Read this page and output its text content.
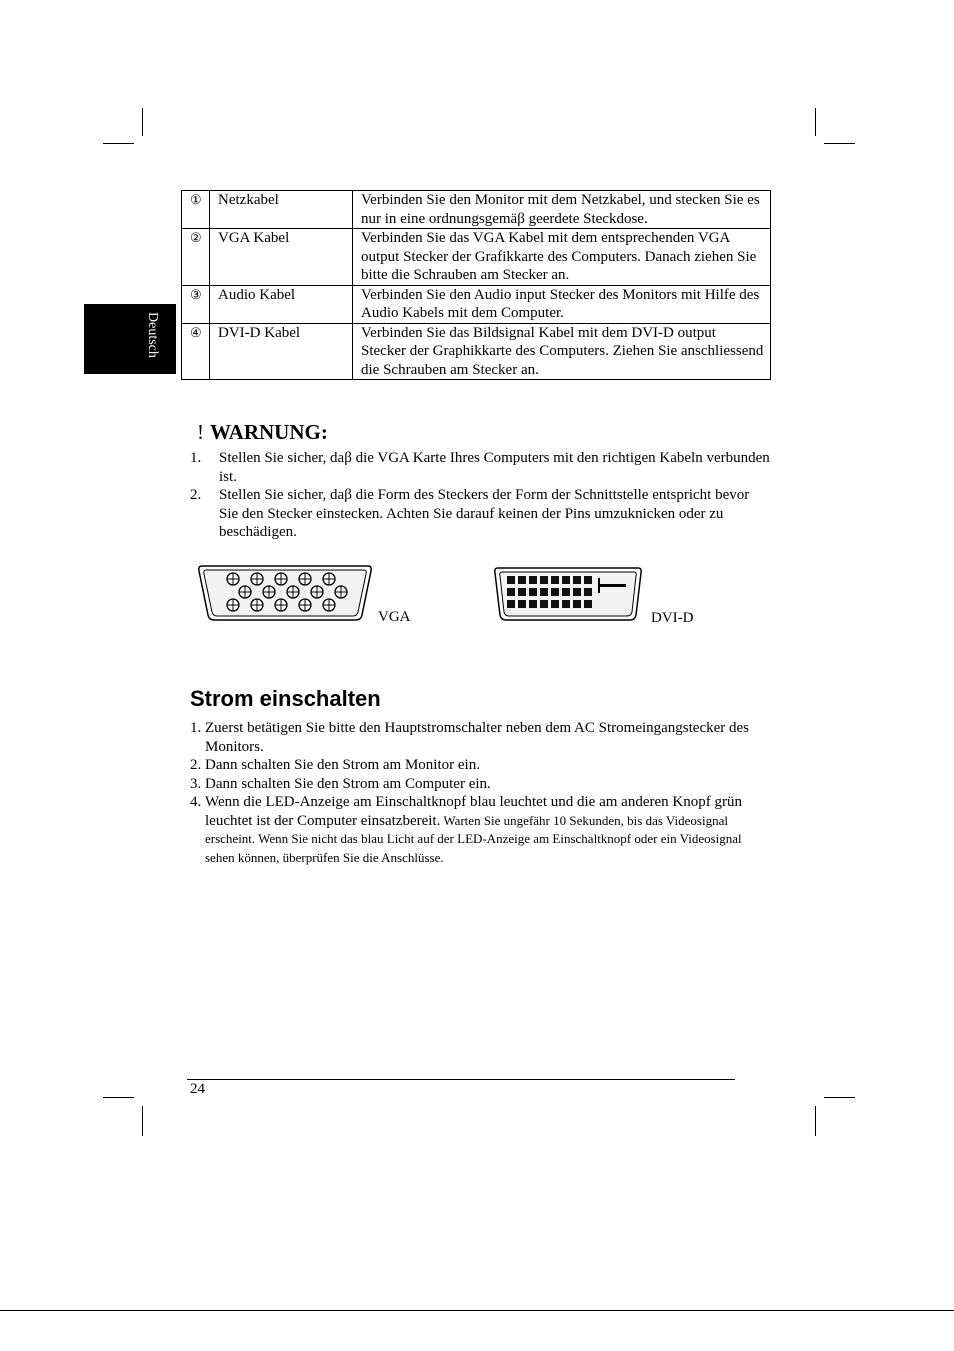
Deutsch
①	Netzkabel	Verbinden Sie den Monitor mit dem Netzkabel, und stecken Sie es nur in eine ordnungsgemäβ geerdete Steckdose.
②	VGA Kabel	Verbinden Sie das VGA Kabel mit dem entsprechenden VGA output Stecker der Grafikkarte des Computers. Danach ziehen Sie bitte die Schrauben am Stecker an.
③	Audio Kabel	Verbinden Sie den Audio input Stecker des Monitors mit Hilfe des Audio Kabels mit dem Computer.
④	DVI-D Kabel	Verbinden Sie das Bildsignal Kabel mit dem DVI-D output Stecker der Graphikkarte des Computers. Ziehen Sie anschliessend die Schrauben am Stecker an.
! WARNUNG:
1. Stellen Sie sicher, daβ die VGA Karte Ihres Computers mit den richtigen Kabeln verbunden ist.
2. Stellen Sie sicher, daβ die Form des Steckers der Form der Schnittstelle entspricht bevor Sie den Stecker einstecken. Achten Sie darauf keinen der Pins umzuknicken oder zu beschädigen.
VGA	DVI-D
Strom einschalten
1. Zuerst betätigen Sie bitte den Hauptstromschalter neben dem AC Stromeingangstecker des Monitors.
2. Dann schalten Sie den Strom am Monitor ein.
3. Dann schalten Sie den Strom am Computer ein.
4. Wenn die LED-Anzeige am Einschaltknopf blau leuchtet und die am anderen Knopf grün leuchtet ist der Computer einsatzbereit. Warten Sie ungefähr 10 Sekunden, bis das Videosignal erscheint. Wenn Sie nicht das blau Licht auf der LED-Anzeige am Einschaltknopf oder ein Videosignal sehen können, überprüfen Sie die Anschlüsse.
24
